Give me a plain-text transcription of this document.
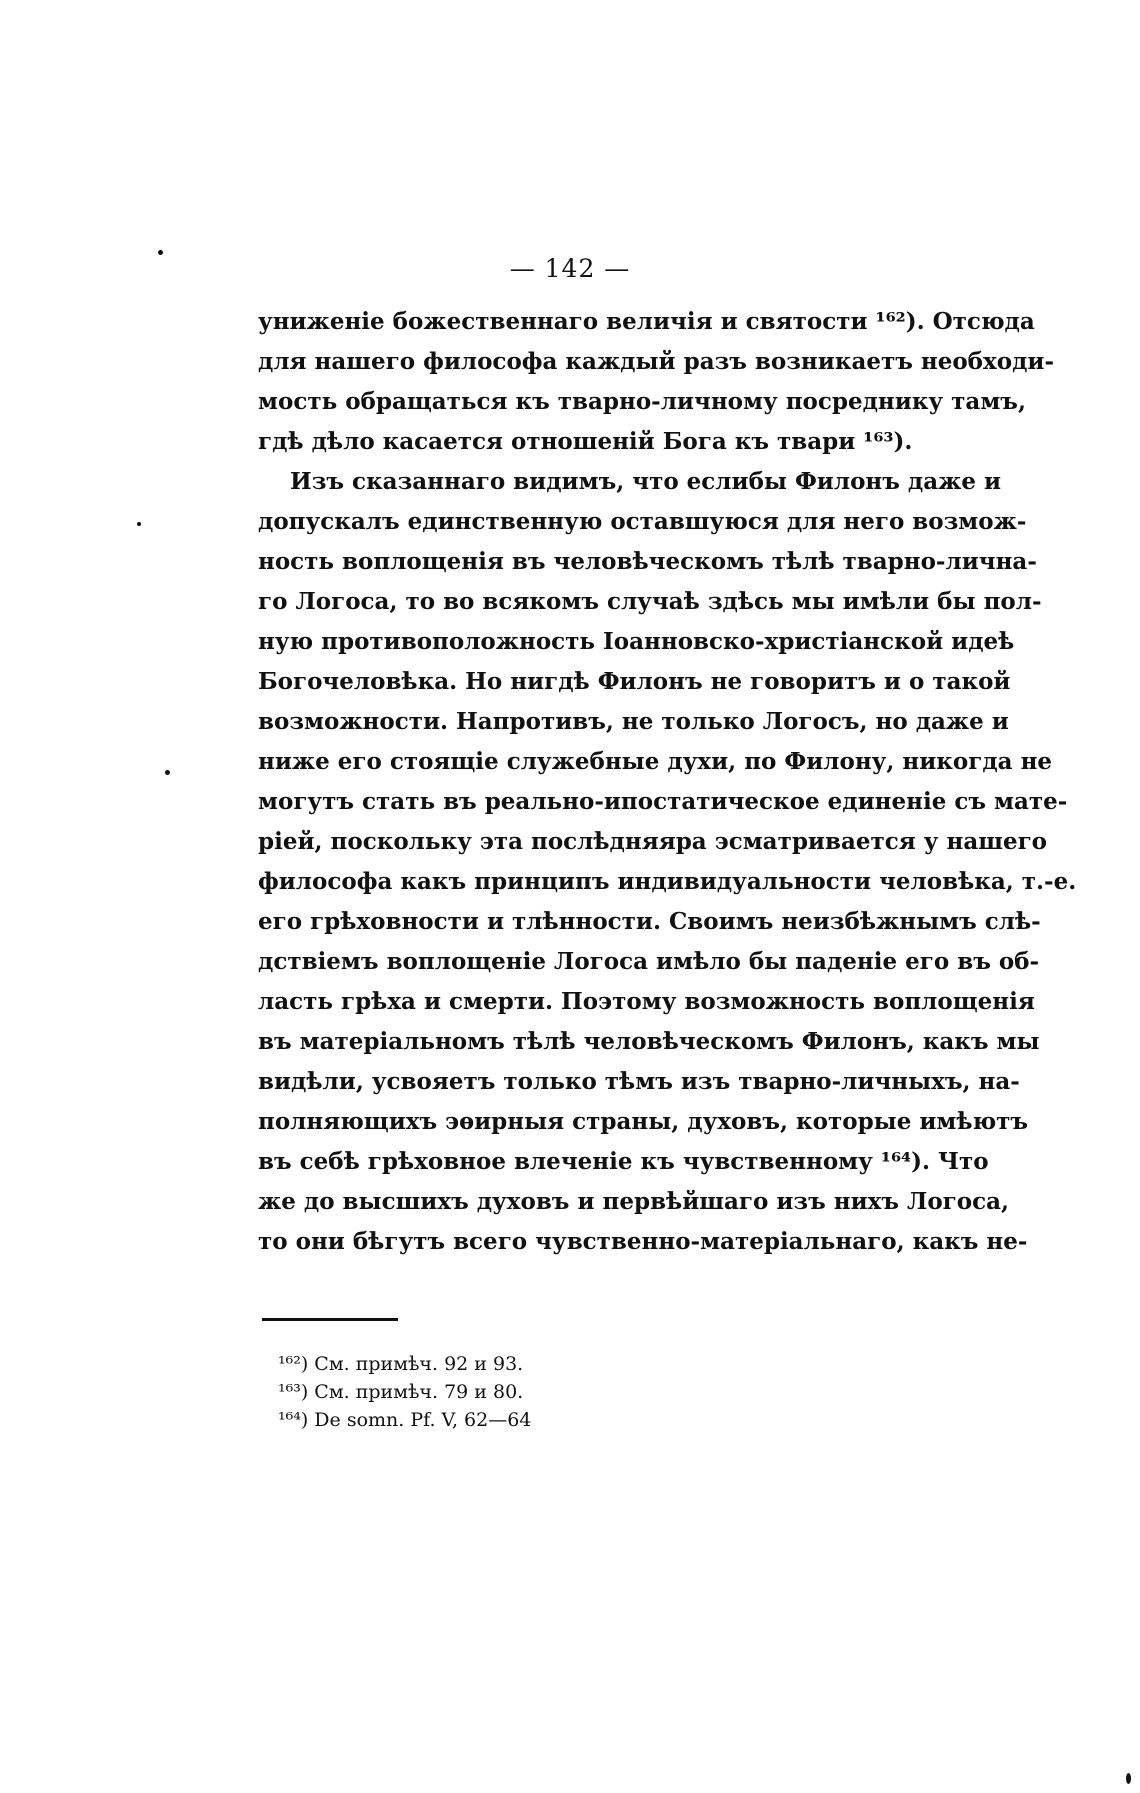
— 142 —
униженіе божественнаго величія и святости ¹⁶²). Отсюда
для нашего философа каждый разъ возникаетъ необходи-
мость обращаться къ тварно-личному посреднику тамъ,
гдѣ дѣло касается отношеній Бога къ твари ¹⁶³).
Изъ сказаннаго видимъ, что еслибы Филонъ даже и
допускалъ единственную оставшуюся для него возмож-
ность воплощенія въ человѣческомъ тѣлѣ тварно-лична-
го Логоса, то во всякомъ случаѣ здѣсь мы имѣли бы пол-
ную противоположность Іоанновско-христіанской идеѣ
Богочеловѣка. Но нигдѣ Филонъ не говоритъ и о такой
возможности. Напротивъ, не только Логосъ, но даже и
ниже его стоящіе служебные духи, по Филону, никогда не
могутъ стать въ реально-ипостатическое единеніе съ мате-
ріей, поскольку эта послѣдняяра эсматривается у нашего
философа какъ принципъ индивидуальности человѣка, т.-е.
его грѣховности и тлѣнности. Своимъ неизбѣжнымъ слѣ-
дствіемъ воплощеніе Логоса имѣло бы паденіе его въ об-
ласть грѣха и смерти. Поэтому возможность воплощенія
въ матеріальномъ тѣлѣ человѣческомъ Филонъ, какъ мы
видѣли, усвояетъ только тѣмъ изъ тварно-личныхъ, на-
полняющихъ эѳирныя страны, духовъ, которые имѣютъ
въ себѣ грѣховное влеченіе къ чувственному ¹⁶⁴). Что
же до высшихъ духовъ и первѣйшаго изъ нихъ Логоса,
то они бѣгутъ всего чувственно-матеріальнаго, какъ не-
¹⁶²) См. примѣч. 92 и 93.
¹⁶³) См. примѣч. 79 и 80.
¹⁶⁴) De somn. Pf. V, 62—64
